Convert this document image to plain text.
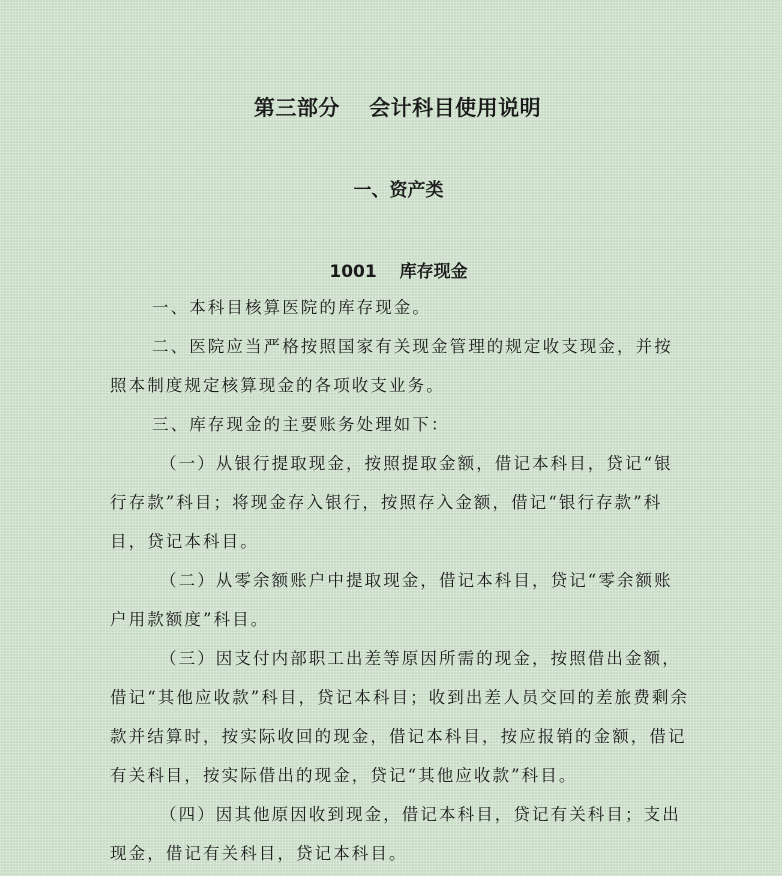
第三部分　 会计科目使用说明
一、资产类
1001　 库存现金

一、本科目核算医院的库存现金。

二、医院应当严格按照国家有关现金管理的规定收支现金，并按照本制度规定核算现金的各项收支业务。

三、库存现金的主要账务处理如下：

（一）从银行提取现金，按照提取金额，借记本科目，贷记“银行存款”科目；将现金存入银行，按照存入金额，借记“银行存款”科目，贷记本科目。

（二）从零余额账户中提取现金，借记本科目，贷记“零余额账户用款额度”科目。

（三）因支付内部职工出差等原因所需的现金，按照借出金额，借记“其他应收款”科目，贷记本科目；收到出差人员交回的差旅费剩余款并结算时，按实际收回的现金，借记本科目，按应报销的金额，借记有关科目，按实际借出的现金，贷记“其他应收款”科目。

（四）因其他原因收到现金，借记本科目，贷记有关科目；支出现金，借记有关科目，贷记本科目。
